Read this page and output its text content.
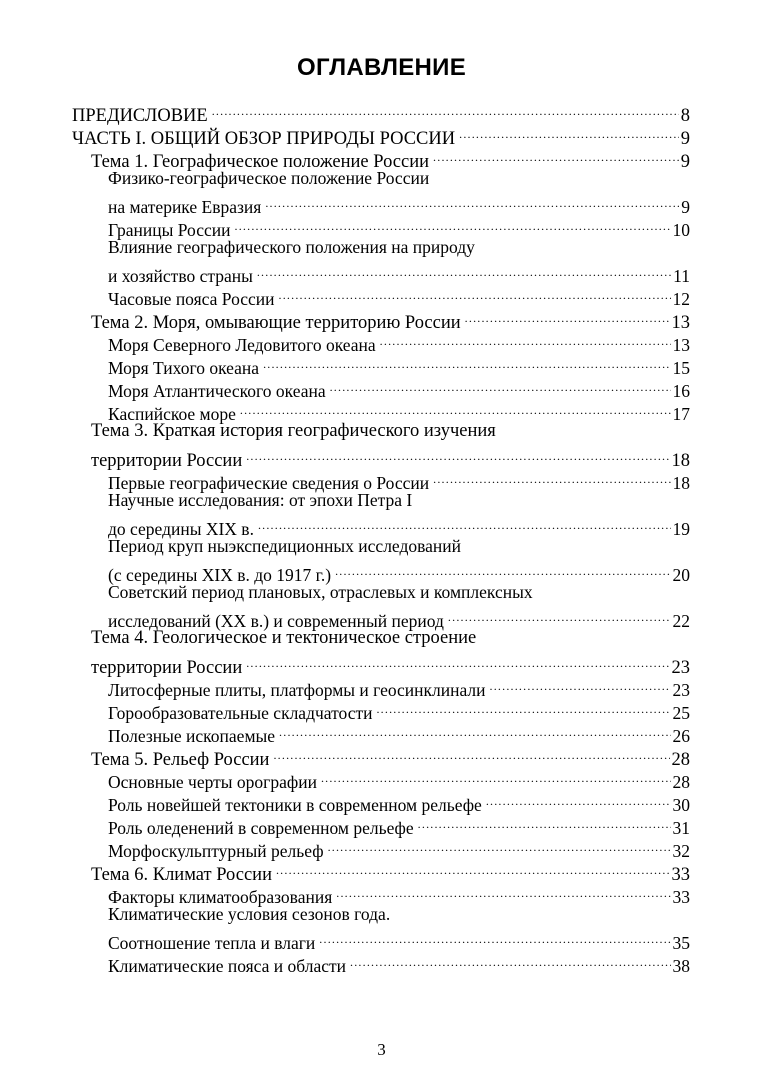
ОГЛАВЛЕНИЕ
ПРЕДИСЛОВИЕ .....	8
ЧАСТЬ I. ОБЩИЙ ОБЗОР ПРИРОДЫ РОССИИ .....	9
Тема 1. Географическое положение России .....	9
Физико-географическое положение России
на материке Евразия .....	9
Границы России .....	10
Влияние географического положения на природу
и хозяйство страны .....	11
Часовые пояса России .....	12
Тема 2. Моря, омывающие территорию России .....	13
Моря Северного Ледовитого океана .....	13
Моря Тихого океана .....	15
Моря Атлантического океана .....	16
Каспийское море .....	17
Тема 3. Краткая история географического изучения
территории России .....	18
Первые географические сведения о России .....	18
Научные исследования: от эпохи Петра I
до середины XIX в. .....	19
Период круп ныэкспедиционных исследований
(с середины XIX в. до 1917 г.) .....	20
Советский период плановых, отраслевых и комплексных
исследований (XX в.) и современный период .....	22
Тема 4. Геологическое и тектоническое строение
территории России .....	23
Литосферные плиты, платформы и геосинклинали .....	23
Горообразовательные складчатости .....	25
Полезные ископаемые .....	26
Тема 5. Рельеф России .....	28
Основные черты орографии .....	28
Роль новейшей тектоники в современном рельефе .....	30
Роль оледенений в современном рельефе .....	31
Морфоскульптурный рельеф .....	32
Тема 6. Климат России .....	33
Факторы климатообразования .....	33
Климатические условия сезонов года.
Соотношение тепла и влаги .....	35
Климатические пояса и области .....	38
3
